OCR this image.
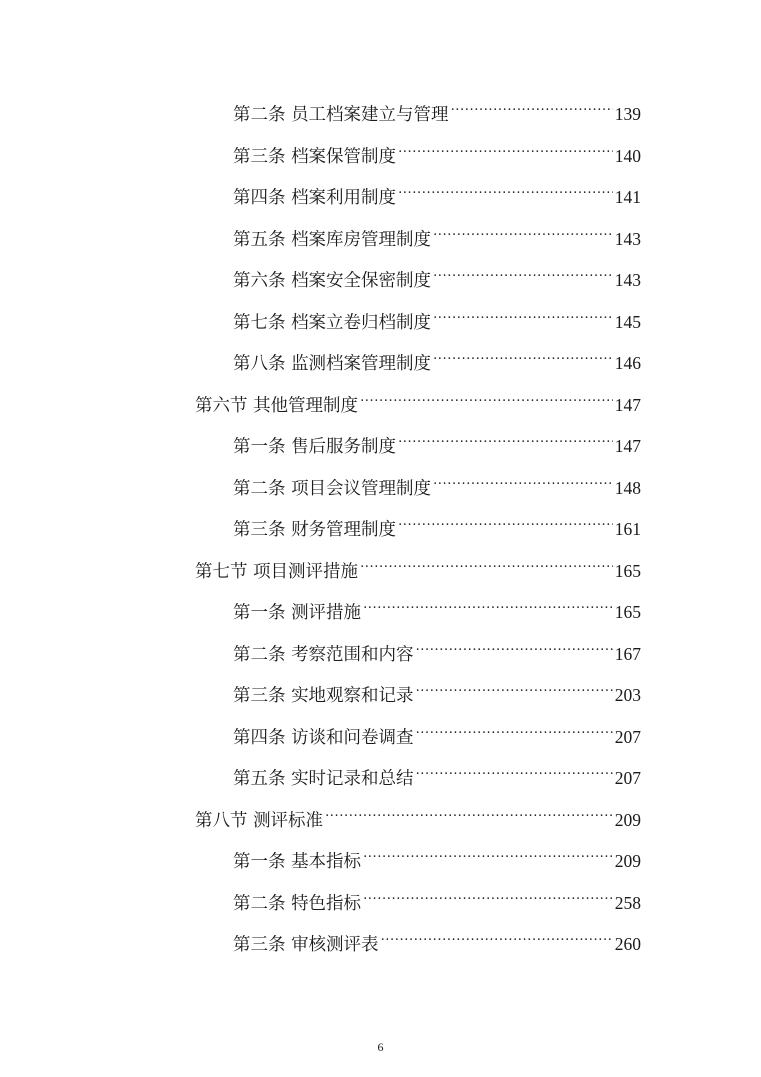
第二条 员工档案建立与管理 .....	139
第三条 档案保管制度 .....	140
第四条 档案利用制度 .....	141
第五条 档案库房管理制度 .....	143
第六条 档案安全保密制度 .....	143
第七条 档案立卷归档制度 .....	145
第八条 监测档案管理制度 .....	146
第六节 其他管理制度 .....	147
第一条 售后服务制度 .....	147
第二条 项目会议管理制度 .....	148
第三条 财务管理制度 .....	161
第七节 项目测评措施 .....	165
第一条 测评措施 .....	165
第二条 考察范围和内容 .....	167
第三条 实地观察和记录 .....	203
第四条 访谈和问卷调查 .....	207
第五条 实时记录和总结 .....	207
第八节 测评标准 .....	209
第一条 基本指标 .....	209
第二条 特色指标 .....	258
第三条 审核测评表 .....	260
6
